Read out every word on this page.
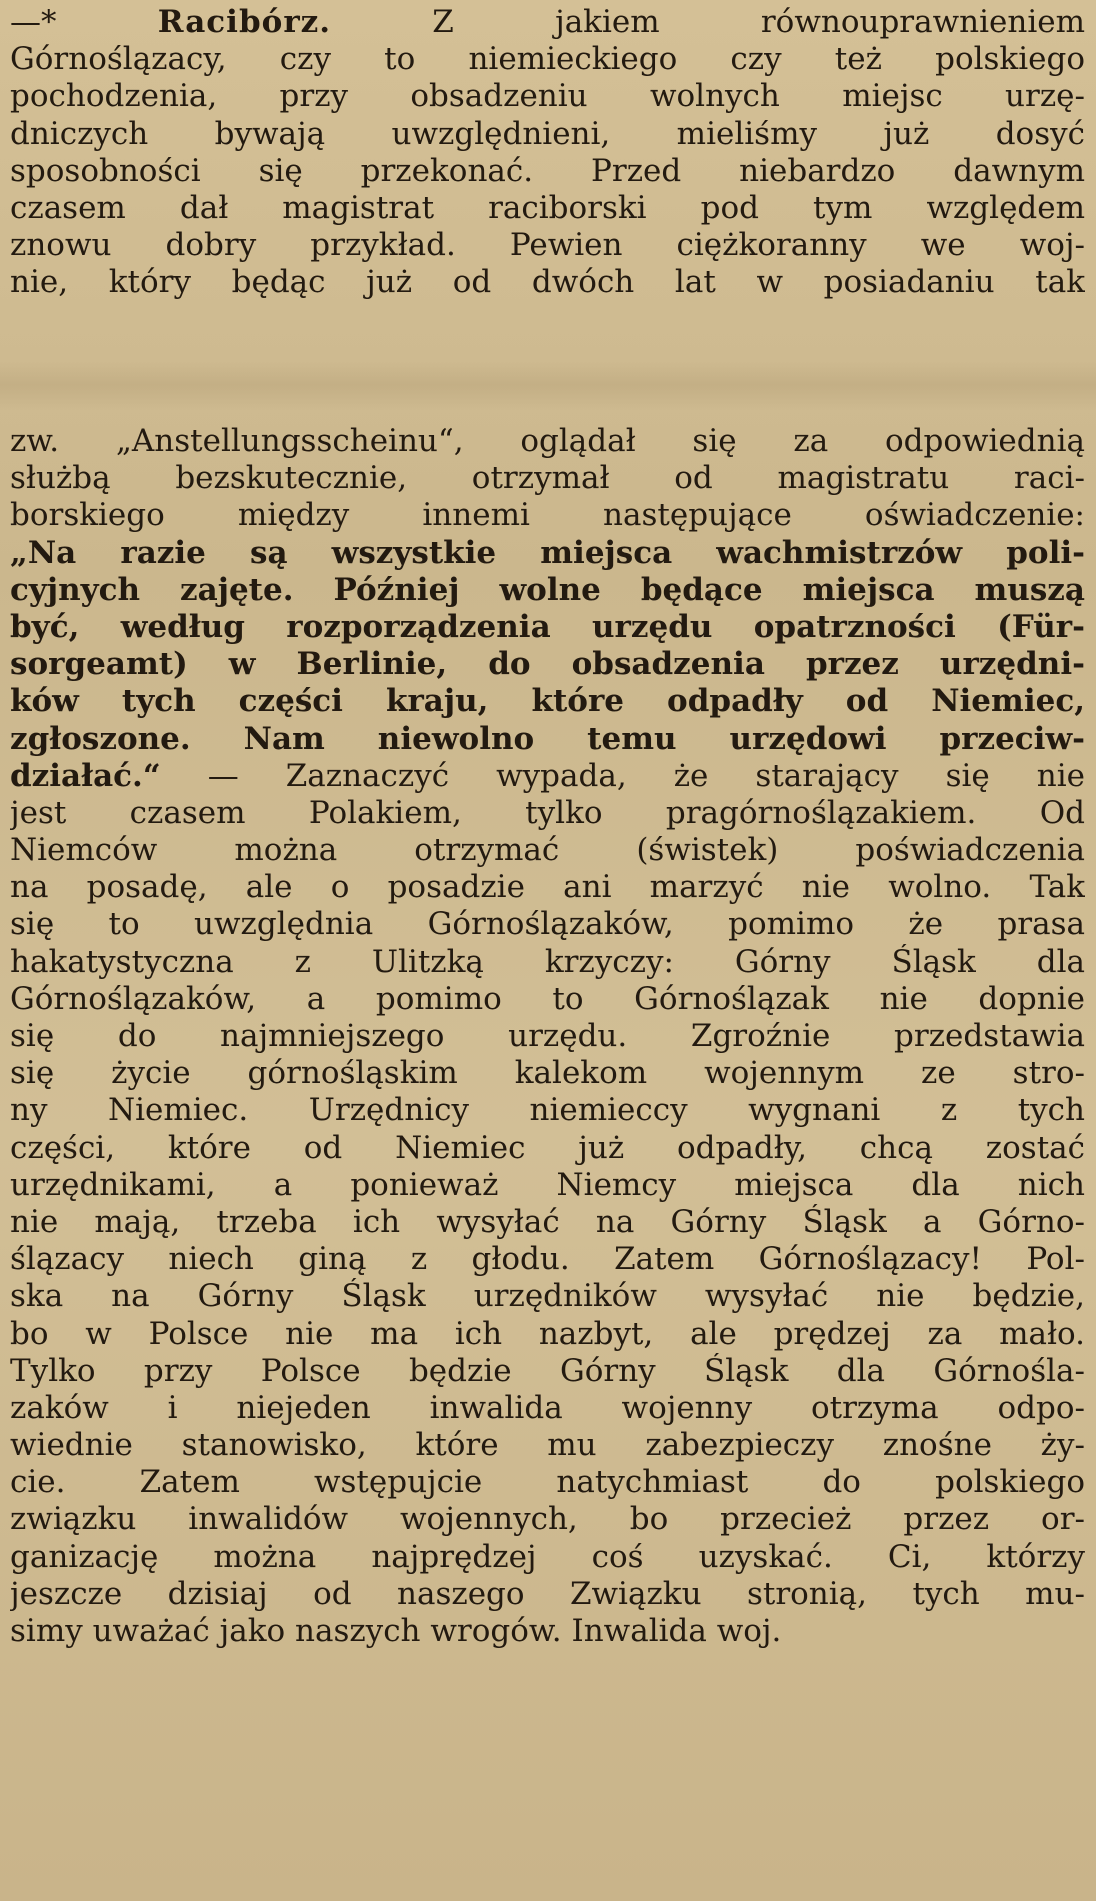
—* Racibórz. Z jakiem równouprawnieniem
Górnoślązacy, czy to niemieckiego czy też polskiego
pochodzenia, przy obsadzeniu wolnych miejsc urzę-
dniczych bywają uwzględnieni, mieliśmy już dosyć
sposobności się przekonać. Przed niebardzo dawnym
czasem dał magistrat raciborski pod tym względem
znowu dobry przykład. Pewien ciężkoranny we woj-
nie, który będąc już od dwóch lat w posiadaniu tak
zw. „Anstellungsscheinu“, oglądał się za odpowiednią
służbą bezskutecznie, otrzymał od magistratu raci-
borskiego między innemi następujące oświadczenie:
„Na razie są wszystkie miejsca wachmistrzów poli-
cyjnych zajęte. Później wolne będące miejsca muszą
być, według rozporządzenia urzędu opatrzności (Für-
sorgeamt) w Berlinie, do obsadzenia przez urzędni-
ków tych części kraju, które odpadły od Niemiec,
zgłoszone. Nam niewolno temu urzędowi przeciw-
działać.“ — Zaznaczyć wypada, że starający się nie
jest czasem Polakiem, tylko pragórnoślązakiem. Od
Niemców można otrzymać (świstek) poświadczenia
na posadę, ale o posadzie ani marzyć nie wolno. Tak
się to uwzględnia Górnoślązaków, pomimo że prasa
hakatystyczna z Ulitzką krzyczy: Górny Śląsk dla
Górnoślązaków, a pomimo to Górnoślązak nie dopnie
się do najmniejszego urzędu. Zgroźnie przedstawia
się życie górnośląskim kalekom wojennym ze stro-
ny Niemiec. Urzędnicy niemieccy wygnani z tych
części, które od Niemiec już odpadły, chcą zostać
urzędnikami, a ponieważ Niemcy miejsca dla nich
nie mają, trzeba ich wysyłać na Górny Śląsk a Górno-
ślązacy niech giną z głodu. Zatem Górnoślązacy! Pol-
ska na Górny Śląsk urzędników wysyłać nie będzie,
bo w Polsce nie ma ich nazbyt, ale prędzej za mało.
Tylko przy Polsce będzie Górny Śląsk dla Górnośla-
zaków i niejeden inwalida wojenny otrzyma odpo-
wiednie stanowisko, które mu zabezpieczy znośne ży-
cie. Zatem wstępujcie natychmiast do polskiego
związku inwalidów wojennych, bo przecież przez or-
ganizację można najprędzej coś uzyskać. Ci, którzy
jeszcze dzisiaj od naszego Związku stronią, tych mu-
simy uważać jako naszych wrogów. Inwalida woj.
